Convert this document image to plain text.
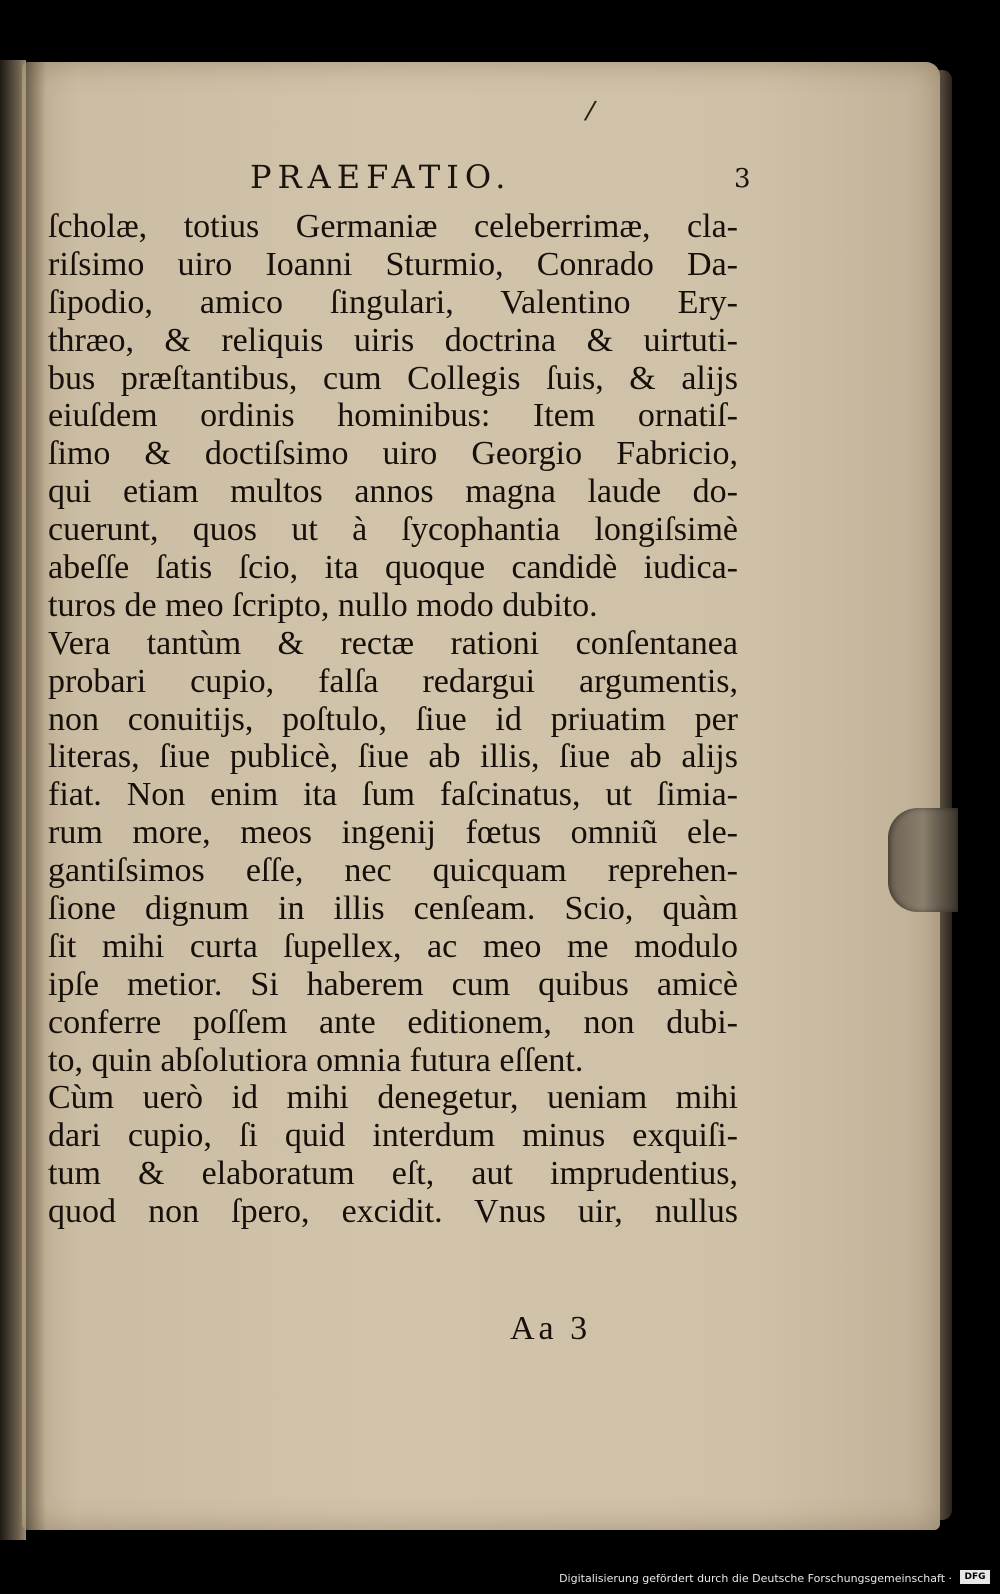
/
PRAEFATIO.	3
ſcholæ, totius Germaniæ celeberrimæ, cla-
riſsimo uiro Ioanni Sturmio, Conrado Da-
ſipodio, amico ſingulari, Valentino Ery-
thræo, & reliquis uiris doctrina & uirtuti-
bus præſtantibus, cum Collegis ſuis, & alijs
eiuſdem ordinis hominibus: Item ornatiſ-
ſimo & doctiſsimo uiro Georgio Fabricio,
qui etiam multos annos magna laude do-
cuerunt, quos ut à ſycophantia longiſsimè
abeſſe ſatis ſcio, ita quoque candidè iudica-
turos de meo ſcripto, nullo modo dubito.
Vera tantùm & rectæ rationi conſentanea
probari cupio, falſa redargui argumentis,
non conuitijs, poſtulo, ſiue id priuatim per
literas, ſiue publicè, ſiue ab illis, ſiue ab alijs
fiat. Non enim ita ſum faſcinatus, ut ſimia-
rum more, meos ingenij fœtus omniũ ele-
gantiſsimos eſſe, nec quicquam reprehen-
ſione dignum in illis cenſeam. Scio, quàm
ſit mihi curta ſupellex, ac meo me modulo
ipſe metior. Si haberem cum quibus amicè
conferre poſſem ante editionem, non dubi-
to, quin abſolutiora omnia futura eſſent.
Cùm uerò id mihi denegetur, ueniam mihi
dari cupio, ſi quid interdum minus exquiſi-
tum & elaboratum eſt, aut imprudentius,
quod non ſpero, excidit. Vnus uir, nullus
Aa 3
Digitalisierung gefördert durch die Deutsche Forschungsgemeinschaft ·	DFG
